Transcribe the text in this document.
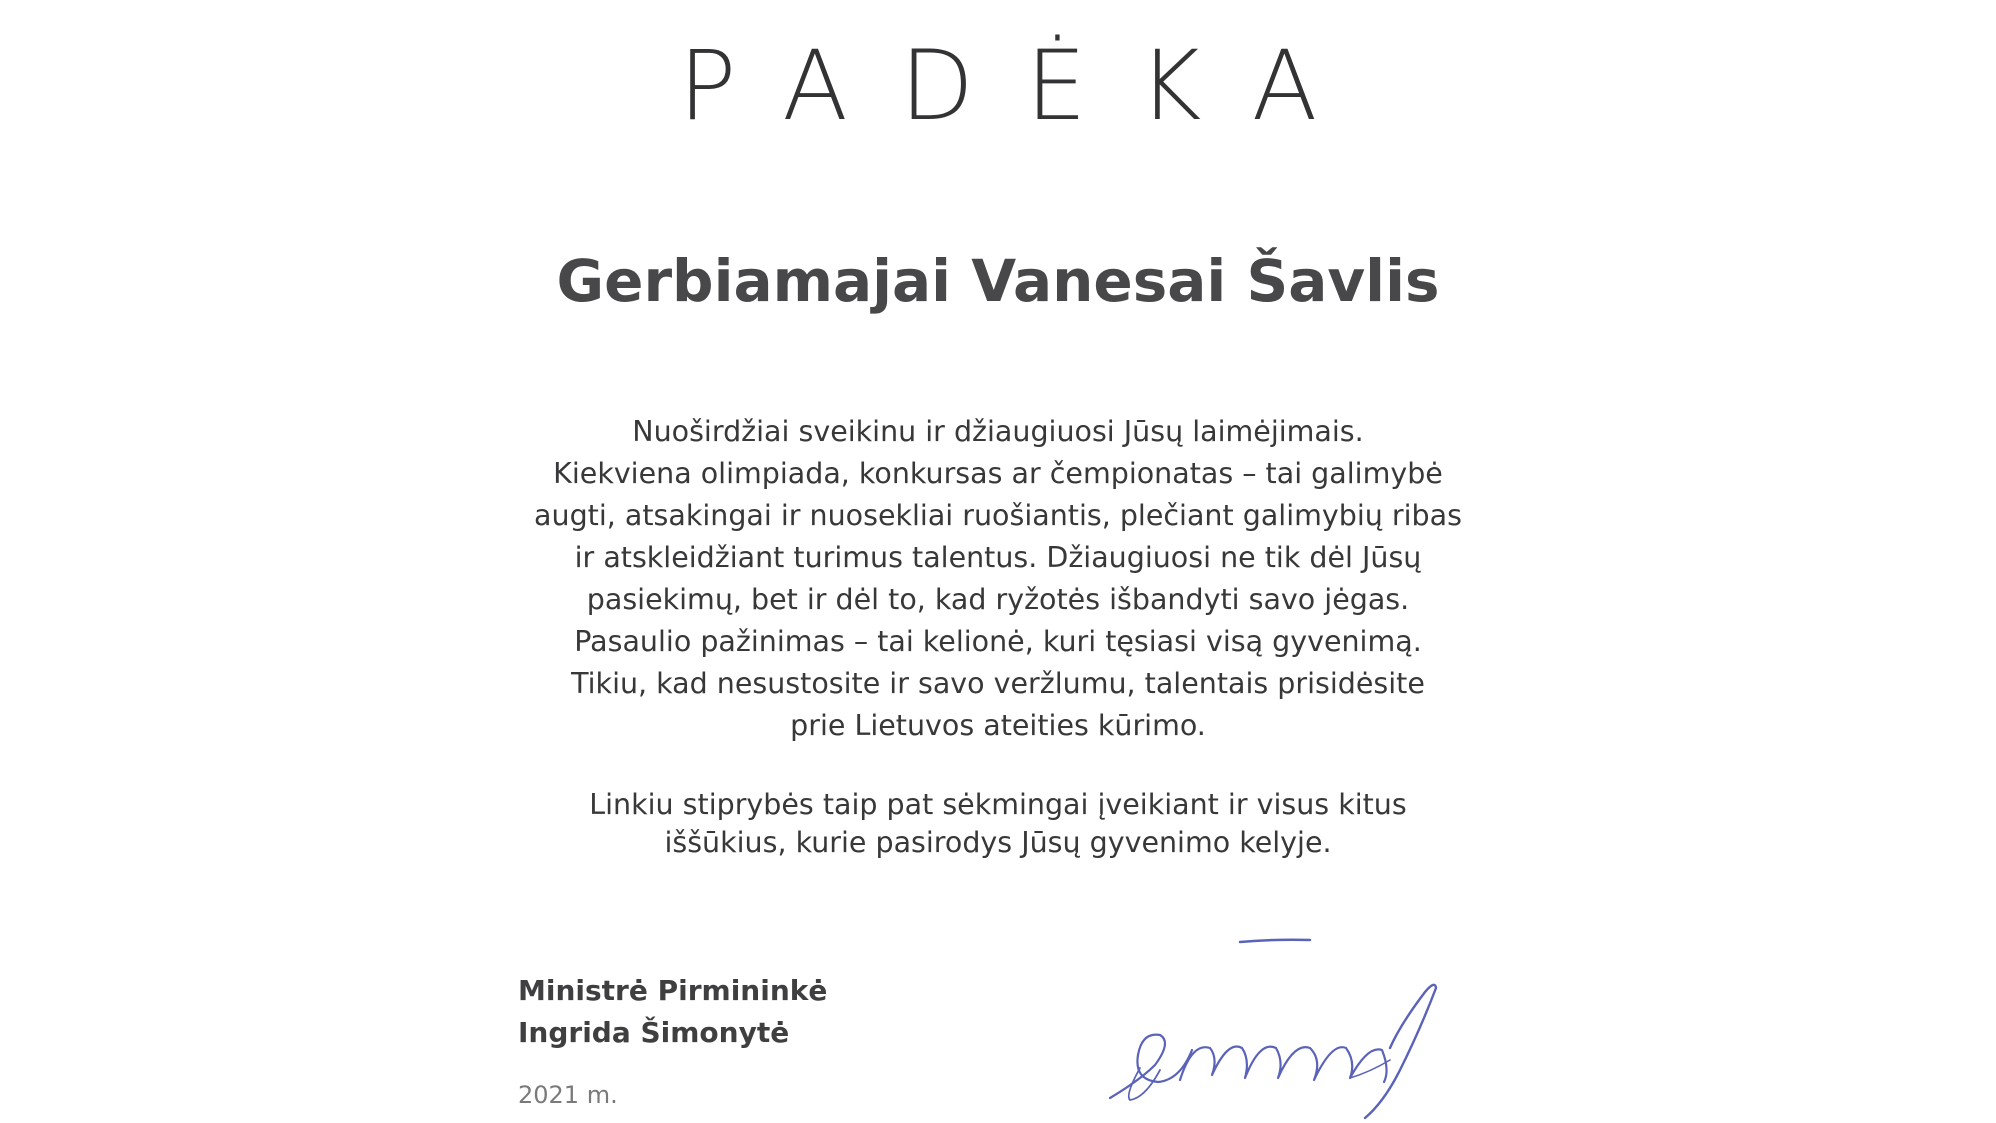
PADĖKA
Gerbiamajai Vanesai Šavlis
Nuoširdžiai sveikinu ir džiaugiuosi Jūsų laimėjimais.
Kiekviena olimpiada, konkursas ar čempionatas – tai galimybė
augti, atsakingai ir nuosekliai ruošiantis, plečiant galimybių ribas
ir atskleidžiant turimus talentus. Džiaugiuosi ne tik dėl Jūsų
pasiekimų, bet ir dėl to, kad ryžotės išbandyti savo jėgas.
Pasaulio pažinimas – tai kelionė, kuri tęsiasi visą gyvenimą.
Tikiu, kad nesustosite ir savo veržlumu, talentais prisidėsite
prie Lietuvos ateities kūrimo.
Linkiu stiprybės taip pat sėkmingai įveikiant ir visus kitus
iššūkius, kurie pasirodys Jūsų gyvenimo kelyje.
Ministrė Pirmininkė
Ingrida Šimonytė
2021 m.
